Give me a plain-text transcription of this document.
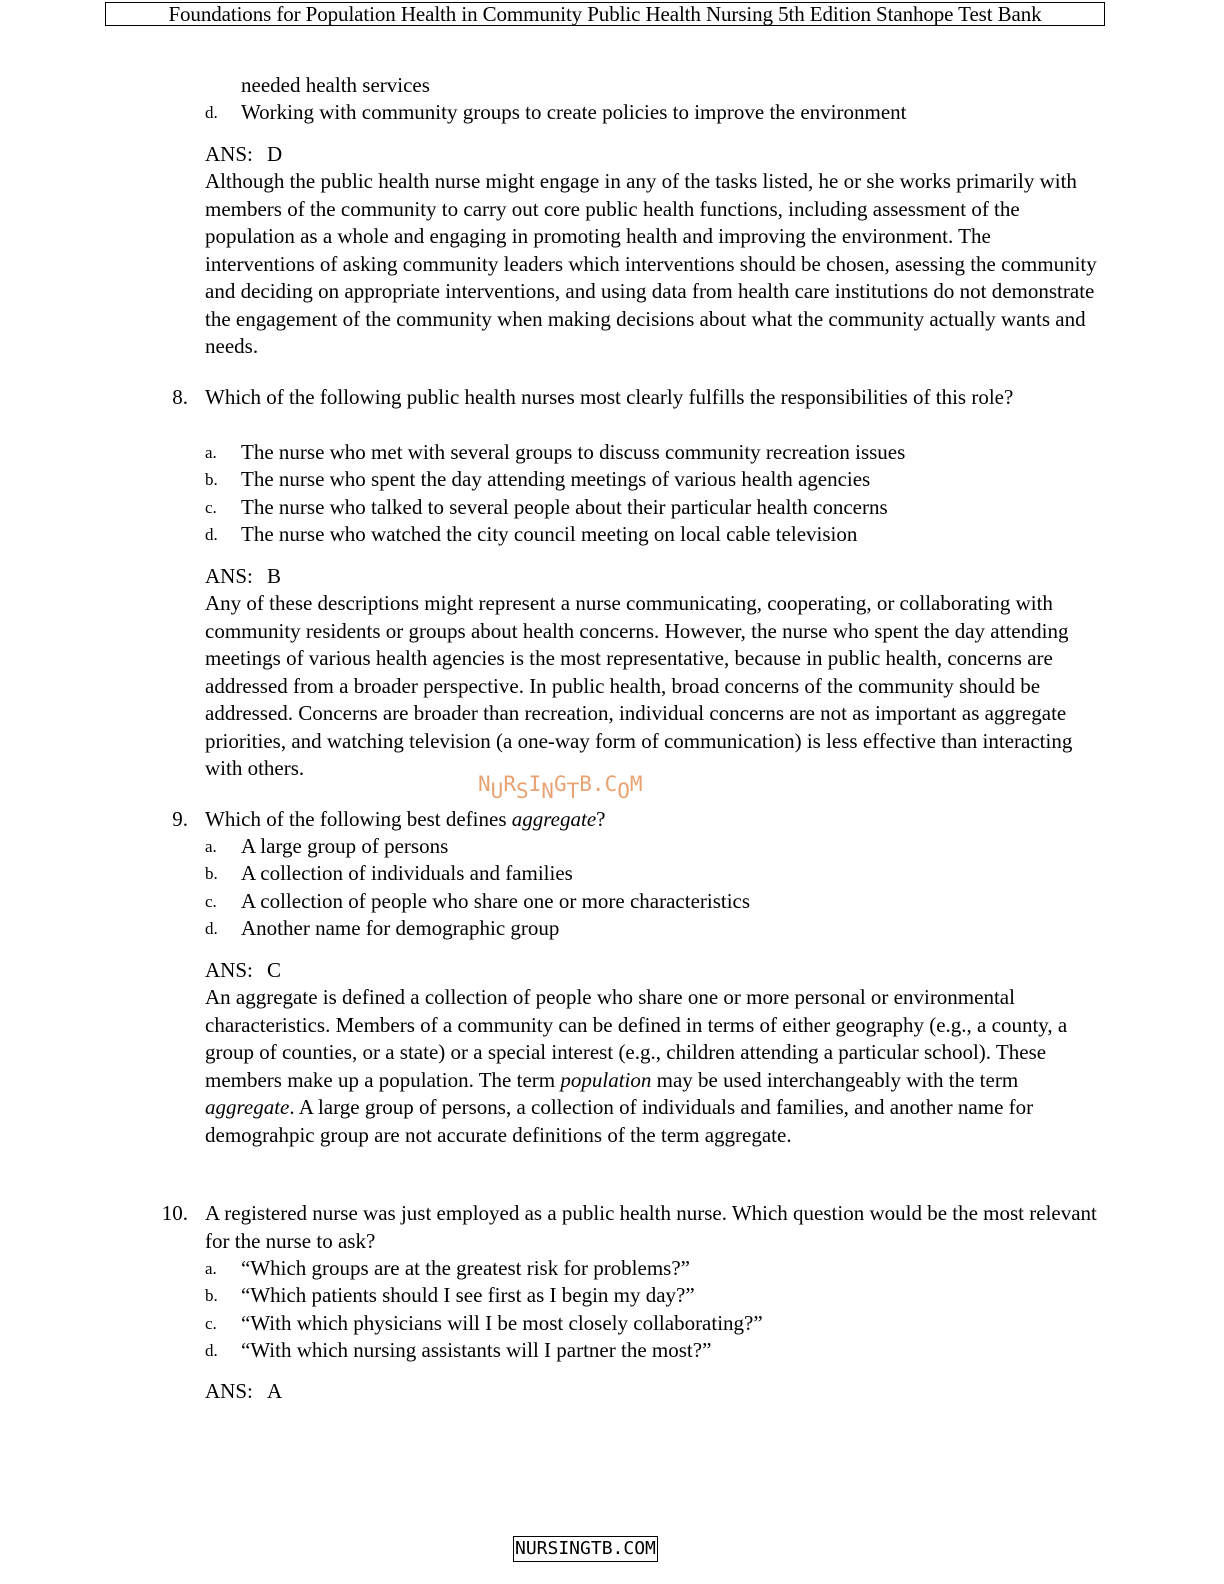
Foundations for Population Health in Community Public Health Nursing 5th Edition Stanhope Test Bank
needed health services
d.	Working with community groups to create policies to improve the environment
ANS: D
Although the public health nurse might engage in any of the tasks listed, he or she works primarily with members of the community to carry out core public health functions, including assessment of the population as a whole and engaging in promoting health and improving the environment. The interventions of asking community leaders which interventions should be chosen, asessing the community and deciding on appropriate interventions, and using data from health care institutions do not demonstrate the engagement of the community when making decisions about what the community actually wants and needs.
8. Which of the following public health nurses most clearly fulfills the responsibilities of this role?
a.	The nurse who met with several groups to discuss community recreation issues
b.	The nurse who spent the day attending meetings of various health agencies
c.	The nurse who talked to several people about their particular health concerns
d.	The nurse who watched the city council meeting on local cable television
ANS: B
Any of these descriptions might represent a nurse communicating, cooperating, or collaborating with community residents or groups about health concerns. However, the nurse who spent the day attending meetings of various health agencies is the most representative, because in public health, concerns are addressed from a broader perspective. In public health, broad concerns of the community should be addressed. Concerns are broader than recreation, individual concerns are not as important as aggregate priorities, and watching television (a one-way form of communication) is less effective than interacting with others.
NURSINGTB.COM
9. Which of the following best defines aggregate?
a.	A large group of persons
b.	A collection of individuals and families
c.	A collection of people who share one or more characteristics
d.	Another name for demographic group
ANS: C
An aggregate is defined a collection of people who share one or more personal or environmental characteristics. Members of a community can be defined in terms of either geography (e.g., a county, a group of counties, or a state) or a special interest (e.g., children attending a particular school). These members make up a population. The term population may be used interchangeably with the term aggregate. A large group of persons, a collection of individuals and families, and another name for demograhpic group are not accurate definitions of the term aggregate.
10. A registered nurse was just employed as a public health nurse. Which question would be the most relevant for the nurse to ask?
a.	“Which groups are at the greatest risk for problems?”
b.	“Which patients should I see first as I begin my day?”
c.	“With which physicians will I be most closely collaborating?”
d.	“With which nursing assistants will I partner the most?”
ANS: A
NURSINGTB.COM
